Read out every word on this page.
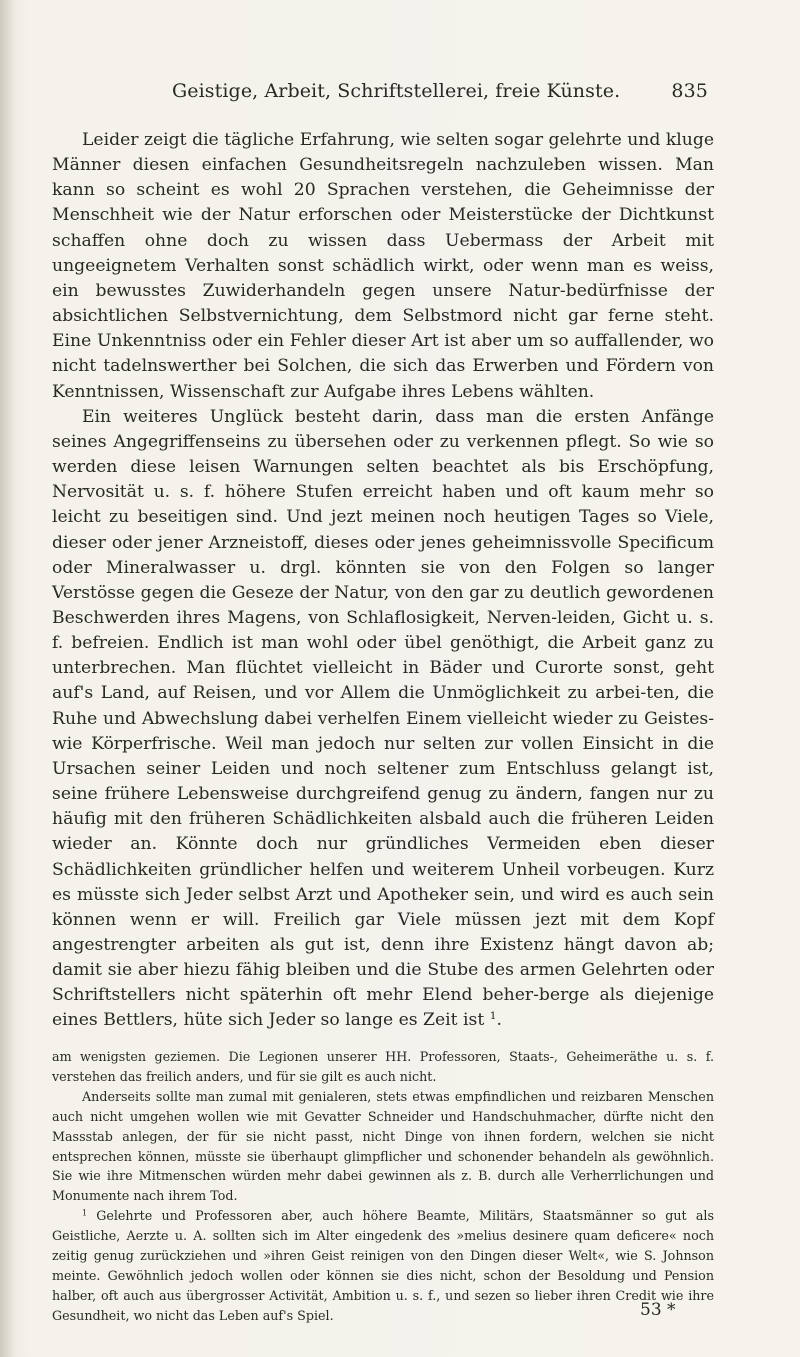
Geistige, Arbeit, Schriftstellerei, freie Künste.	835

Leider zeigt die tägliche Erfahrung, wie selten sogar gelehrte und kluge Männer diesen einfachen Gesundheitsregeln nachzuleben wissen. Man kann so scheint es wohl 20 Sprachen verstehen, die Geheimnisse der Menschheit wie der Natur erforschen oder Meisterstücke der Dichtkunst schaffen ohne doch zu wissen dass Uebermass der Arbeit mit ungeeignetem Verhalten sonst schädlich wirkt, oder wenn man es weiss, ein bewusstes Zuwiderhandeln gegen unsere Natur-bedürfnisse der absichtlichen Selbstvernichtung, dem Selbstmord nicht gar ferne steht. Eine Unkenntniss oder ein Fehler dieser Art ist aber um so auffallender, wo nicht tadelnswerther bei Solchen, die sich das Erwerben und Fördern von Kenntnissen, Wissenschaft zur Aufgabe ihres Lebens wählten.

Ein weiteres Unglück besteht darin, dass man die ersten Anfänge seines Angegriffenseins zu übersehen oder zu verkennen pflegt. So wie so werden diese leisen Warnungen selten beachtet als bis Erschöpfung, Nervosität u. s. f. höhere Stufen erreicht haben und oft kaum mehr so leicht zu beseitigen sind. Und jezt meinen noch heutigen Tages so Viele, dieser oder jener Arzneistoff, dieses oder jenes geheimnissvolle Specificum oder Mineralwasser u. drgl. könnten sie von den Folgen so langer Verstösse gegen die Geseze der Natur, von den gar zu deutlich gewordenen Beschwerden ihres Magens, von Schlaflosigkeit, Nerven-leiden, Gicht u. s. f. befreien. Endlich ist man wohl oder übel genöthigt, die Arbeit ganz zu unterbrechen. Man flüchtet vielleicht in Bäder und Curorte sonst, geht auf's Land, auf Reisen, und vor Allem die Unmöglichkeit zu arbei-ten, die Ruhe und Abwechslung dabei verhelfen Einem vielleicht wieder zu Geistes- wie Körperfrische. Weil man jedoch nur selten zur vollen Einsicht in die Ursachen seiner Leiden und noch seltener zum Entschluss gelangt ist, seine frühere Lebensweise durchgreifend genug zu ändern, fangen nur zu häufig mit den früheren Schädlichkeiten alsbald auch die früheren Leiden wieder an. Könnte doch nur gründliches Vermeiden eben dieser Schädlichkeiten gründlicher helfen und weiterem Unheil vorbeugen. Kurz es müsste sich Jeder selbst Arzt und Apotheker sein, und wird es auch sein können wenn er will. Freilich gar Viele müssen jezt mit dem Kopf angestrengter arbeiten als gut ist, denn ihre Existenz hängt davon ab; damit sie aber hiezu fähig bleiben und die Stube des armen Gelehrten oder Schriftstellers nicht späterhin oft mehr Elend beher-berge als diejenige eines Bettlers, hüte sich Jeder so lange es Zeit ist $^1$.

am wenigsten geziemen. Die Legionen unserer HH. Professoren, Staats-, Geheimeräthe u. s. f. verstehen das freilich anders, und für sie gilt es auch nicht.

Anderseits sollte man zumal mit genialeren, stets etwas empfindlichen und reizbaren Menschen auch nicht umgehen wollen wie mit Gevatter Schneider und Handschuhmacher, dürfte nicht den Massstab anlegen, der für sie nicht passt, nicht Dinge von ihnen fordern, welchen sie nicht entsprechen können, müsste sie überhaupt glimpflicher und schonender behandeln als gewöhnlich. Sie wie ihre Mitmenschen würden mehr dabei gewinnen als z. B. durch alle Verherrlichungen und Monumente nach ihrem Tod.

$^1$ Gelehrte und Professoren aber, auch höhere Beamte, Militärs, Staatsmänner so gut als Geistliche, Aerzte u. A. sollten sich im Alter eingedenk des »melius desinere quam deficere« noch zeitig genug zurückziehen und »ihren Geist reinigen von den Dingen dieser Welt«, wie S. Johnson meinte. Gewöhnlich jedoch wollen oder können sie dies nicht, schon der Besoldung und Pension halber, oft auch aus übergrosser Activität, Ambition u. s. f., und sezen so lieber ihren Credit wie ihre Gesundheit, wo nicht das Leben auf's Spiel.	53 *
